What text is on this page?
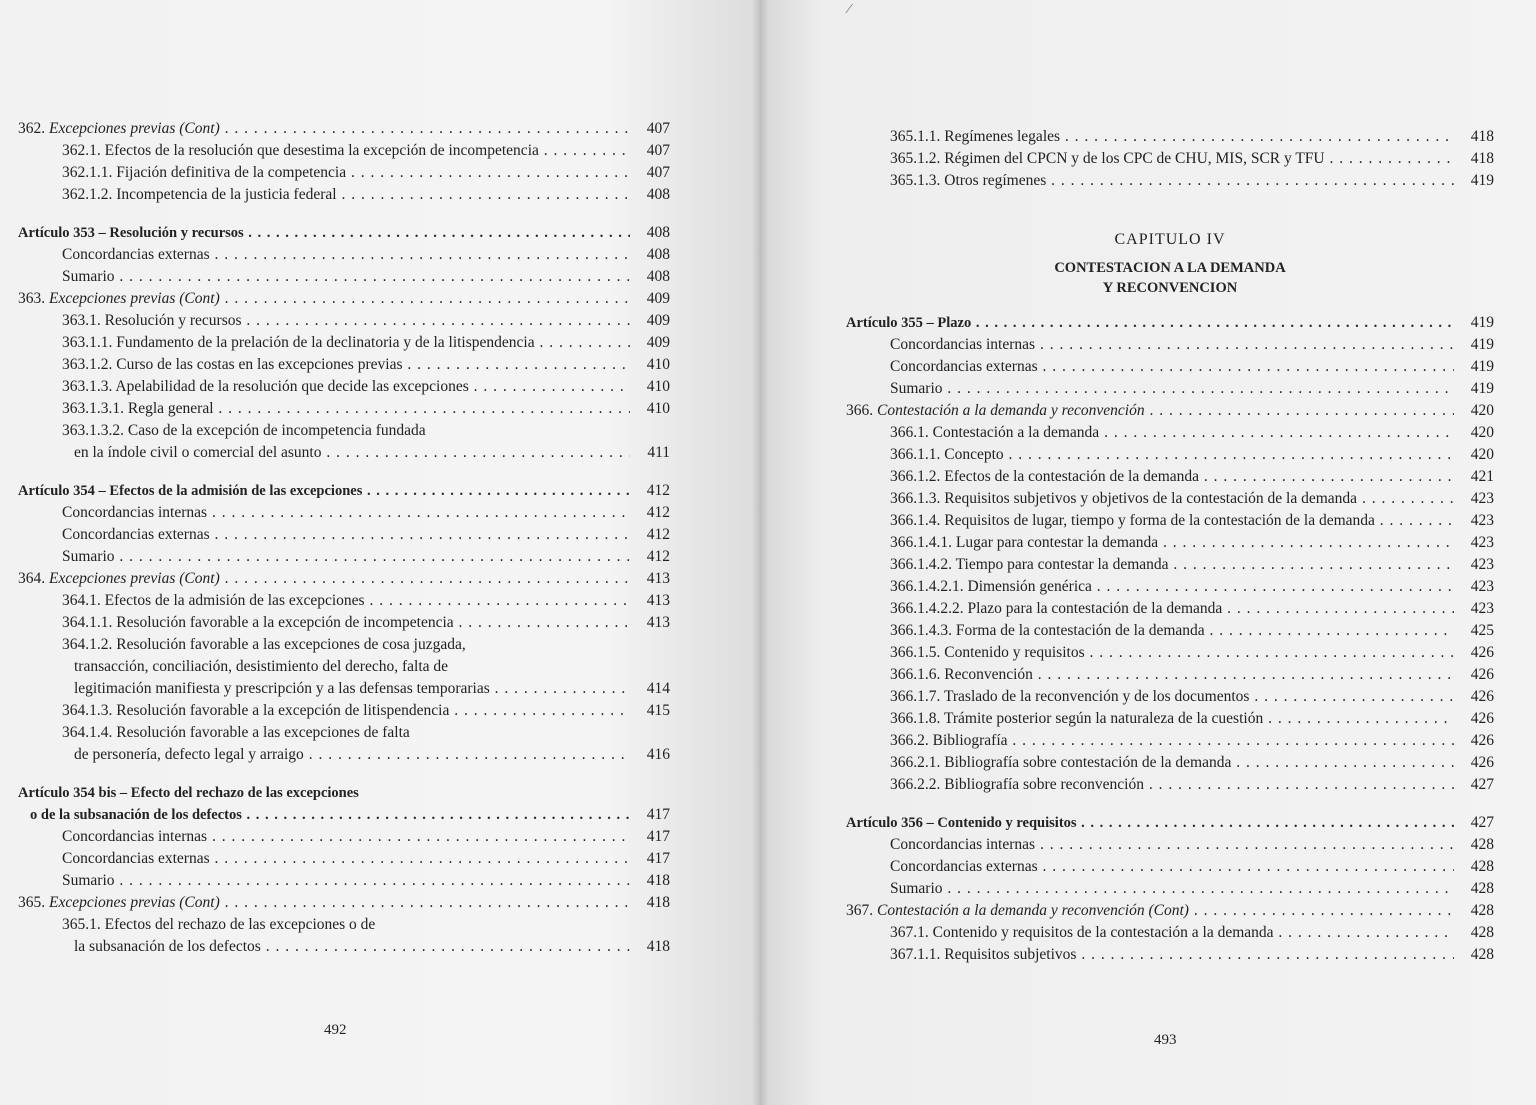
⁄
362. Excepciones previas (Cont) . . .	407
362.1. Efectos de la resolución que desestima la excepción de incompetencia . . .	407
362.1.1. Fijación definitiva de la competencia . . .	407
362.1.2. Incompetencia de la justicia federal . . .	408
Artículo 353 – Resolución y recursos . . .	408
Concordancias externas . . .	408
Sumario . . .	408
363. Excepciones previas (Cont) . . .	409
363.1. Resolución y recursos . . .	409
363.1.1. Fundamento de la prelación de la declinatoria y de la litispendencia . . .	409
363.1.2. Curso de las costas en las excepciones previas . . .	410
363.1.3. Apelabilidad de la resolución que decide las excepciones . . .	410
363.1.3.1. Regla general . . .	410
363.1.3.2. Caso de la excepción de incompetencia fundada
en la índole civil o comercial del asunto . . .	411
Artículo 354 – Efectos de la admisión de las excepciones . . .	412
Concordancias internas . . .	412
Concordancias externas . . .	412
Sumario . . .	412
364. Excepciones previas (Cont) . . .	413
364.1. Efectos de la admisión de las excepciones . . .	413
364.1.1. Resolución favorable a la excepción de incompetencia . . .	413
364.1.2. Resolución favorable a las excepciones de cosa juzgada,
transacción, conciliación, desistimiento del derecho, falta de
legitimación manifiesta y prescripción y a las defensas temporarias . . .	414
364.1.3. Resolución favorable a la excepción de litispendencia . . .	415
364.1.4. Resolución favorable a las excepciones de falta
de personería, defecto legal y arraigo . . .	416
Artículo 354 bis – Efecto del rechazo de las excepciones
o de la subsanación de los defectos . . .	417
Concordancias internas . . .	417
Concordancias externas . . .	417
Sumario . . .	418
365. Excepciones previas (Cont) . . .	418
365.1. Efectos del rechazo de las excepciones o de
la subsanación de los defectos . . .	418
365.1.1. Regímenes legales . . .	418
365.1.2. Régimen del CPCN y de los CPC de CHU, MIS, SCR y TFU . . .	418
365.1.3. Otros regímenes . . .	419
CAPITULO IV
CONTESTACION A LA DEMANDA
Y RECONVENCION
Artículo 355 – Plazo . . .	419
Concordancias internas . . .	419
Concordancias externas . . .	419
Sumario . . .	419
366. Contestación a la demanda y reconvención . . .	420
366.1. Contestación a la demanda . . .	420
366.1.1. Concepto . . .	420
366.1.2. Efectos de la contestación de la demanda . . .	421
366.1.3. Requisitos subjetivos y objetivos de la contestación de la demanda . . .	423
366.1.4. Requisitos de lugar, tiempo y forma de la contestación de la demanda . . .	423
366.1.4.1. Lugar para contestar la demanda . . .	423
366.1.4.2. Tiempo para contestar la demanda . . .	423
366.1.4.2.1. Dimensión genérica . . .	423
366.1.4.2.2. Plazo para la contestación de la demanda . . .	423
366.1.4.3. Forma de la contestación de la demanda . . .	425
366.1.5. Contenido y requisitos . . .	426
366.1.6. Reconvención . . .	426
366.1.7. Traslado de la reconvención y de los documentos . . .	426
366.1.8. Trámite posterior según la naturaleza de la cuestión . . .	426
366.2. Bibliografía . . .	426
366.2.1. Bibliografía sobre contestación de la demanda . . .	426
366.2.2. Bibliografía sobre reconvención . . .	427
Artículo 356 – Contenido y requisitos . . .	427
Concordancias internas . . .	428
Concordancias externas . . .	428
Sumario . . .	428
367. Contestación a la demanda y reconvención (Cont) . . .	428
367.1. Contenido y requisitos de la contestación a la demanda . . .	428
367.1.1. Requisitos subjetivos . . .	428
492
493
